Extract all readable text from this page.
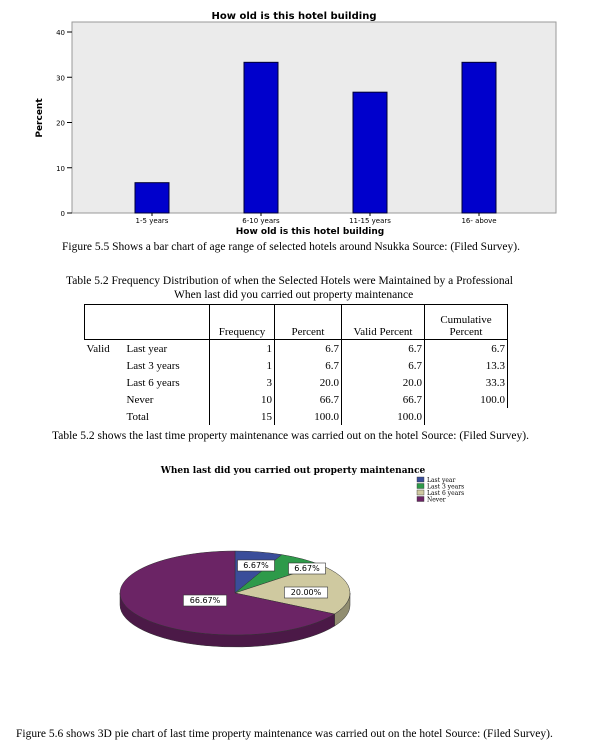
How old is this hotel building
How old is this hotel building
Percent
0
10
20
30
40
1-5 years	6-10 years	11-15 years	16- above
Figure 5.5 Shows a bar chart of age range of selected hotels around Nsukka Source: (Filed Survey).
Table 5.2 Frequency Distribution of when the Selected Hotels were Maintained by a Professional
When last did you carried out property maintenance
		Frequency	Percent	Valid Percent	Cumulative
Percent

Valid	Last year	1	6.7	6.7	6.7
	Last 3 years	1	6.7	6.7	13.3
	Last 6 years	3	20.0	20.0	33.3
	Never	10	66.7	66.7	100.0
	Total	15	100.0	100.0	
Table 5.2 shows the last time property maintenance was carried out on the hotel Source: (Filed Survey).
When last did you carried out property maintenance
Last year
Last 3 years
Last 6 years
Never
6.67%	6.67%
20.00%
66.67%
Figure 5.6 shows 3D pie chart of last time property maintenance was carried out on the hotel Source: (Filed Survey).
